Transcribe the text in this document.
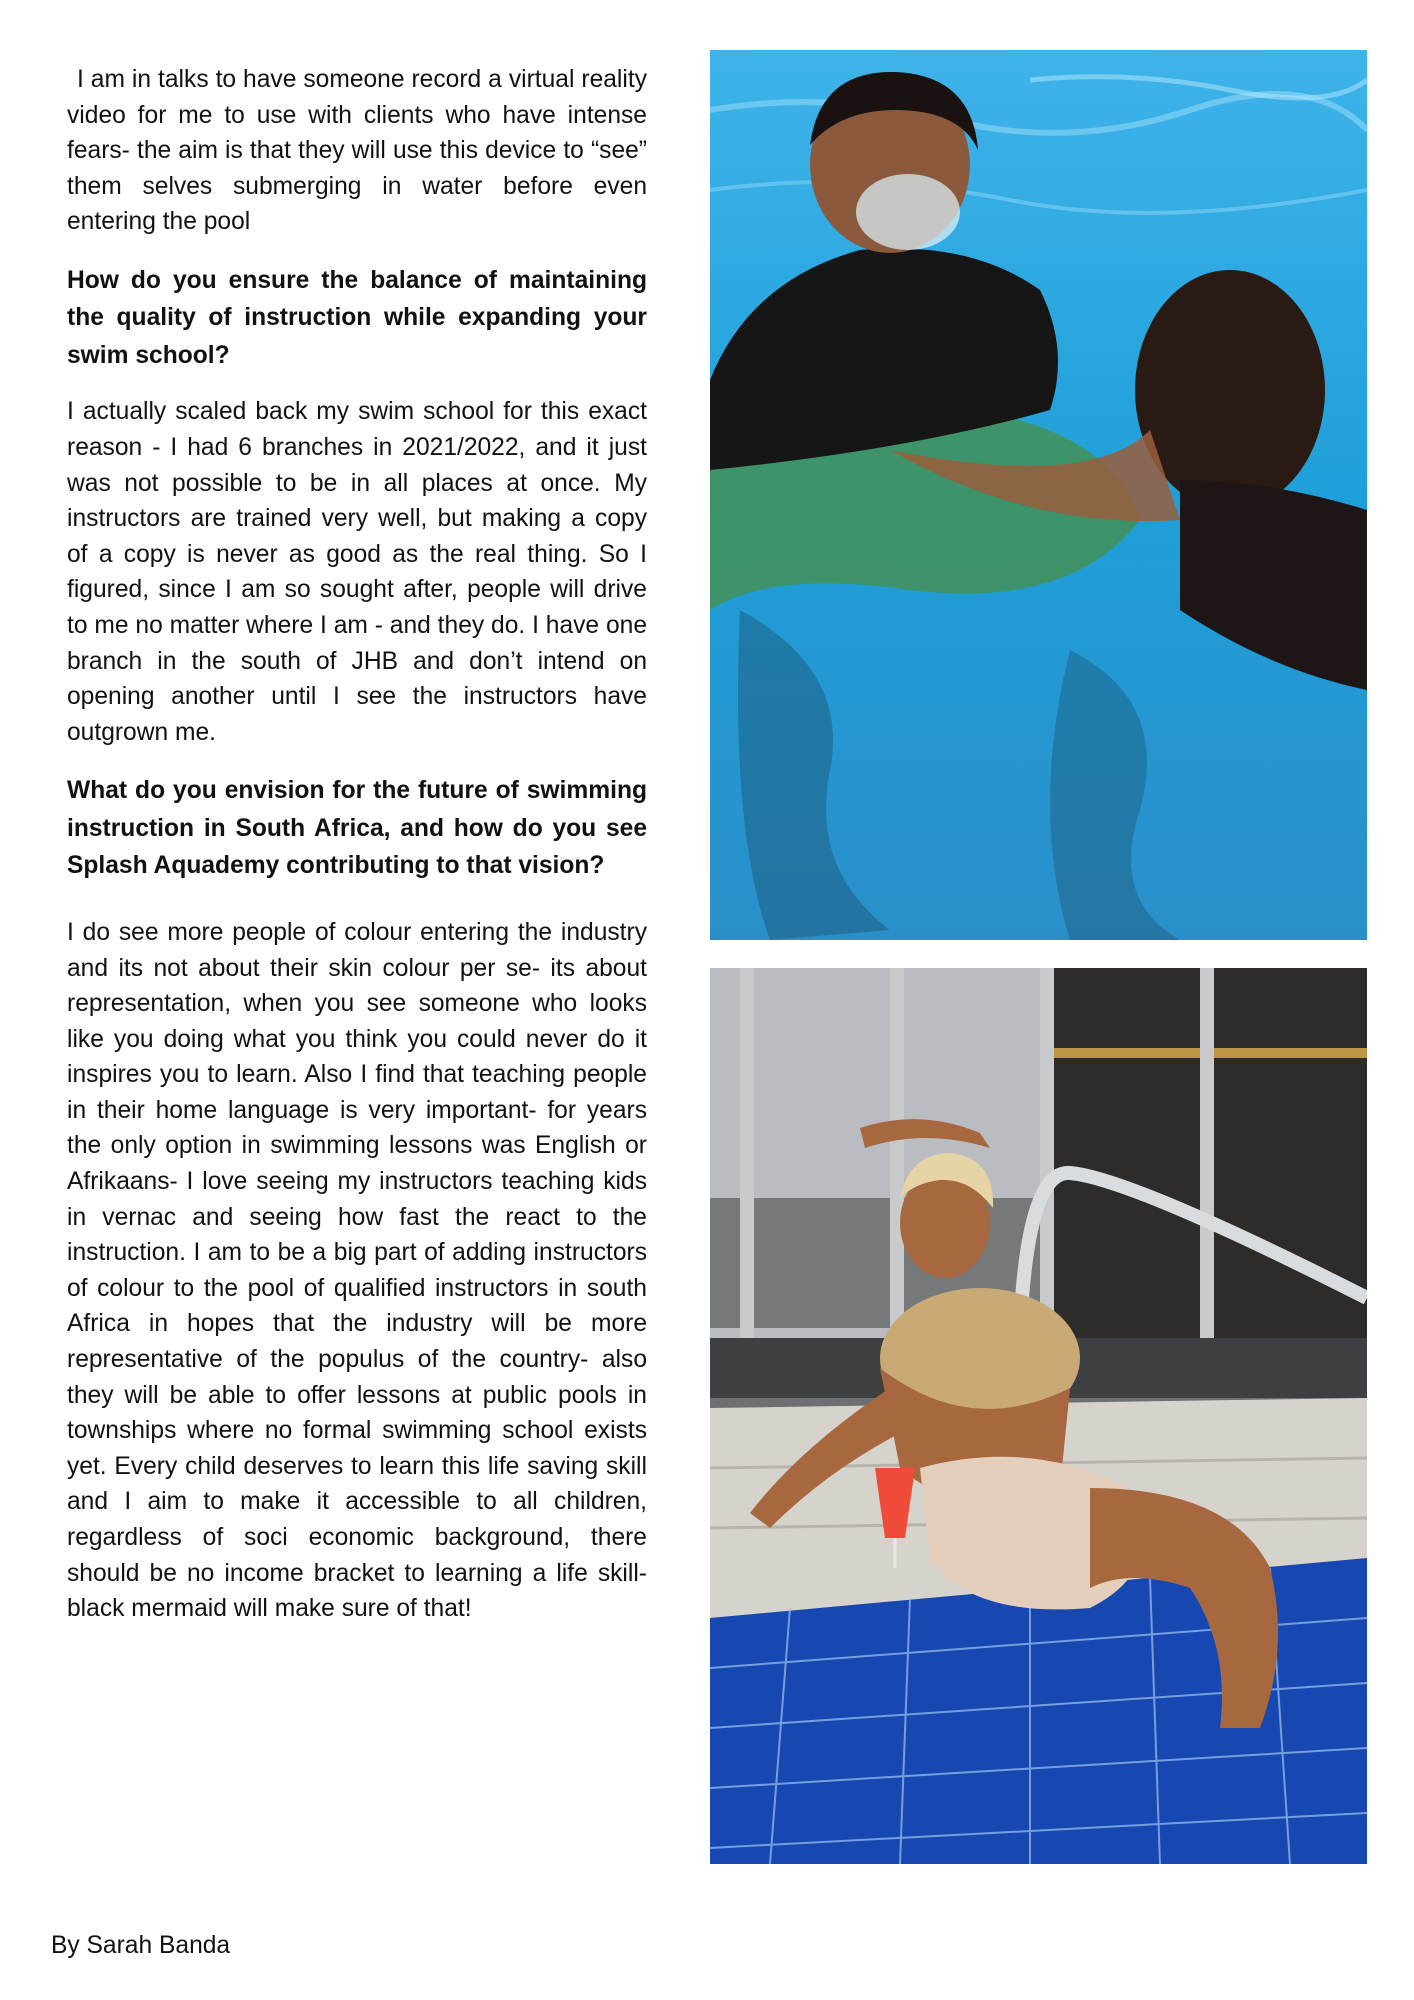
I am in talks to have someone record a virtual reality video for me to use with clients who have intense fears- the aim is that they will use this device to “see” them selves submerging in water before even entering the pool

How do you ensure the balance of maintaining the quality of instruction while expanding your swim school?

I actually scaled back my swim school for this exact reason - I had 6 branches in 2021/2022, and it just was not possible to be in all places at once. My instructors are trained very well, but making a copy of a copy is never as good as the real thing. So I figured, since I am so sought after, people will drive to me no matter where I am - and they do. I have one branch in the south of JHB and don’t intend on opening another until I see the instructors have outgrown me.

What do you envision for the future of swimming instruction in South Africa, and how do you see Splash Aquademy contributing to that vision?

I do see more people of colour entering the industry and its not about their skin colour per se- its about representation, when you see someone who looks like you doing what you think you could never do it inspires you to learn. Also I find that teaching people in their home language is very important- for years the only option in swimming lessons was English or Afrikaans- I love seeing my instructors teaching kids in vernac and seeing how fast the react to the instruction. I am to be a big part of adding instructors of colour to the pool of qualified instructors in south Africa in hopes that the industry will be more representative of the populus of the country- also they will be able to offer lessons at public pools in townships where no formal swimming school exists yet. Every child deserves to learn this life saving skill and I aim to make it accessible to all children, regardless of soci economic background, there should be no income bracket to learning a life skill- black mermaid will make sure of that!

By Sarah Banda
